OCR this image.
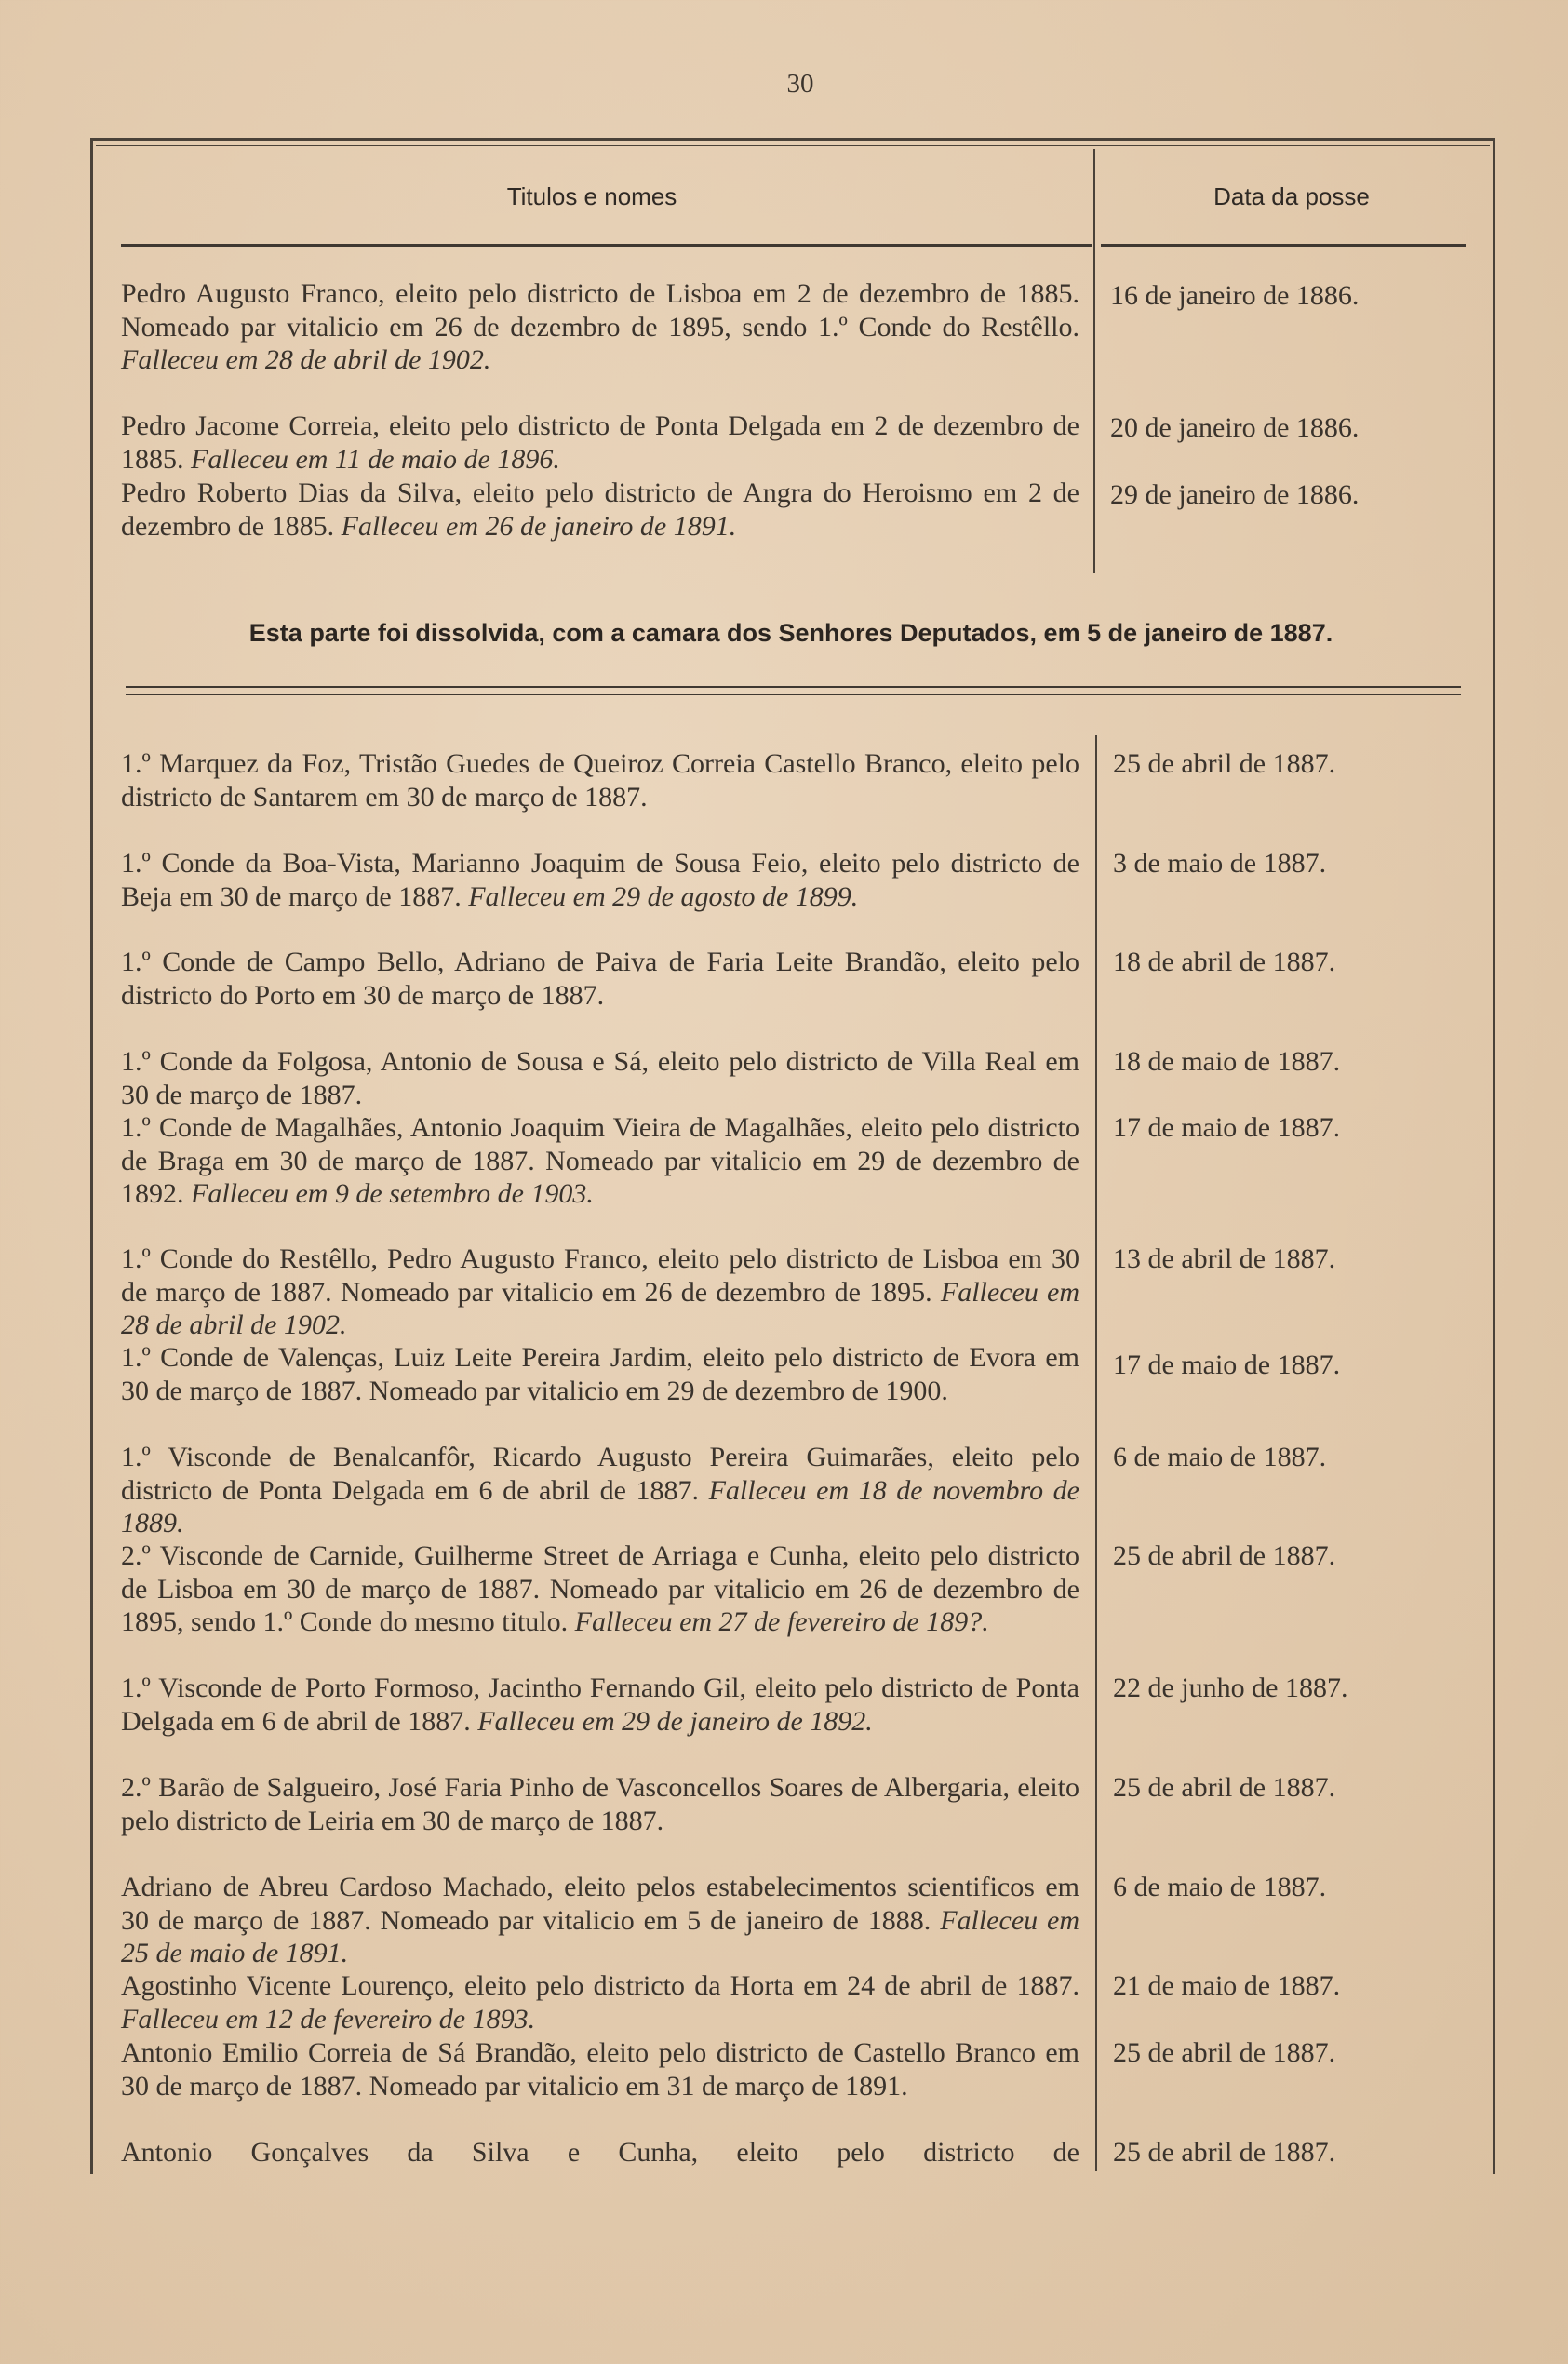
30
Titulos e nomes	Data da posse
Pedro Augusto Franco, eleito pelo districto de Lisboa em 2 de dezembro de 1885. Nomeado par vitalicio em 26 de dezembro de 1895, sendo 1.º Conde do Restêllo. Falleceu em 28 de abril de 1902.
16 de janeiro de 1886.
Pedro Jacome Correia, eleito pelo districto de Ponta Delgada em 2 de dezembro de 1885. Falleceu em 11 de maio de 1896.
20 de janeiro de 1886.
Pedro Roberto Dias da Silva, eleito pelo districto de Angra do Heroismo em 2 de dezembro de 1885. Falleceu em 26 de janeiro de 1891.
29 de janeiro de 1886.
Esta parte foi dissolvida, com a camara dos Senhores Deputados, em 5 de janeiro de 1887.
1.º Marquez da Foz, Tristão Guedes de Queiroz Correia Castello Branco, eleito pelo districto de Santarem em 30 de março de 1887.
25 de abril de 1887.
1.º Conde da Boa-Vista, Marianno Joaquim de Sousa Feio, eleito pelo districto de Beja em 30 de março de 1887. Falleceu em 29 de agosto de 1899.
3 de maio de 1887.
1.º Conde de Campo Bello, Adriano de Paiva de Faria Leite Brandão, eleito pelo districto do Porto em 30 de março de 1887.
18 de abril de 1887.
1.º Conde da Folgosa, Antonio de Sousa e Sá, eleito pelo districto de Villa Real em 30 de março de 1887.
18 de maio de 1887.
1.º Conde de Magalhães, Antonio Joaquim Vieira de Magalhães, eleito pelo districto de Braga em 30 de março de 1887. Nomeado par vitalicio em 29 de dezembro de 1892. Falleceu em 9 de setembro de 1903.
17 de maio de 1887.
1.º Conde do Restêllo, Pedro Augusto Franco, eleito pelo districto de Lisboa em 30 de março de 1887. Nomeado par vitalicio em 26 de dezembro de 1895. Falleceu em 28 de abril de 1902.
13 de abril de 1887.
1.º Conde de Valenças, Luiz Leite Pereira Jardim, eleito pelo districto de Evora em 30 de março de 1887. Nomeado par vitalicio em 29 de dezembro de 1900.
17 de maio de 1887.
1.º Visconde de Benalcanfôr, Ricardo Augusto Pereira Guimarães, eleito pelo districto de Ponta Delgada em 6 de abril de 1887. Falleceu em 18 de novembro de 1889.
6 de maio de 1887.
2.º Visconde de Carnide, Guilherme Street de Arriaga e Cunha, eleito pelo districto de Lisboa em 30 de março de 1887. Nomeado par vitalicio em 26 de dezembro de 1895, sendo 1.º Conde do mesmo titulo. Falleceu em 27 de fevereiro de 189?.
25 de abril de 1887.
1.º Visconde de Porto Formoso, Jacintho Fernando Gil, eleito pelo districto de Ponta Delgada em 6 de abril de 1887. Falleceu em 29 de janeiro de 1892.
22 de junho de 1887.
2.º Barão de Salgueiro, José Faria Pinho de Vasconcellos Soares de Albergaria, eleito pelo districto de Leiria em 30 de março de 1887.
25 de abril de 1887.
Adriano de Abreu Cardoso Machado, eleito pelos estabelecimentos scientificos em 30 de março de 1887. Nomeado par vitalicio em 5 de janeiro de 1888. Falleceu em 25 de maio de 1891.
6 de maio de 1887.
Agostinho Vicente Lourenço, eleito pelo districto da Horta em 24 de abril de 1887. Falleceu em 12 de fevereiro de 1893.
21 de maio de 1887.
Antonio Emilio Correia de Sá Brandão, eleito pelo districto de Castello Branco em 30 de março de 1887. Nomeado par vitalicio em 31 de março de 1891.
25 de abril de 1887.
Antonio Gonçalves da Silva e Cunha, eleito pelo districto de 25 de abril de 1887.
